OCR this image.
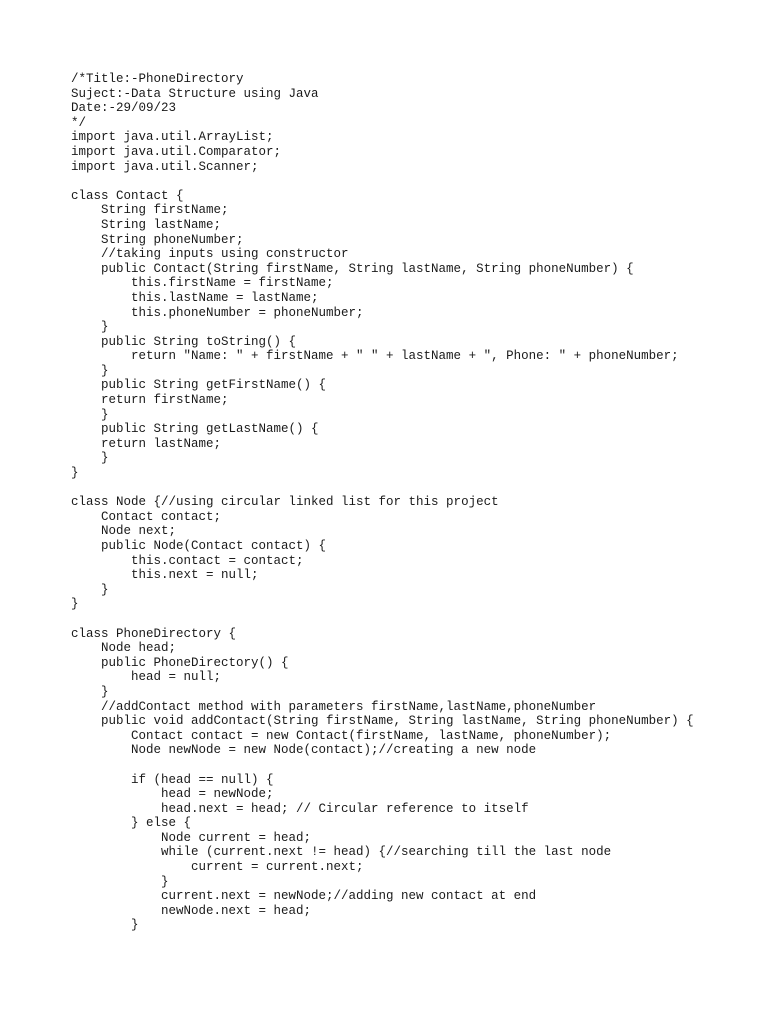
/*Title:-PhoneDirectory
Suject:-Data Structure using Java
Date:-29/09/23
*/
import java.util.ArrayList;
import java.util.Comparator;
import java.util.Scanner;
class Contact {
String firstName;
String lastName;
String phoneNumber;
//taking inputs using constructor
public Contact(String firstName, String lastName, String phoneNumber) {
this.firstName = firstName;
this.lastName = lastName;
this.phoneNumber = phoneNumber;
}
public String toString() {
return "Name: " + firstName + " " + lastName + ", Phone: " + phoneNumber;
}
public String getFirstName() {
return firstName;
}
public String getLastName() {
return lastName;
}
}
class Node {//using circular linked list for this project
Contact contact;
Node next;
public Node(Contact contact) {
this.contact = contact;
this.next = null;
}
}
class PhoneDirectory {
Node head;
public PhoneDirectory() {
head = null;
}
//addContact method with parameters firstName,lastName,phoneNumber
public void addContact(String firstName, String lastName, String phoneNumber) {
Contact contact = new Contact(firstName, lastName, phoneNumber);
Node newNode = new Node(contact);//creating a new node
if (head == null) {
head = newNode;
head.next = head; // Circular reference to itself
} else {
Node current = head;
while (current.next != head) {//searching till the last node
current = current.next;
}
current.next = newNode;//adding new contact at end
newNode.next = head;
}
